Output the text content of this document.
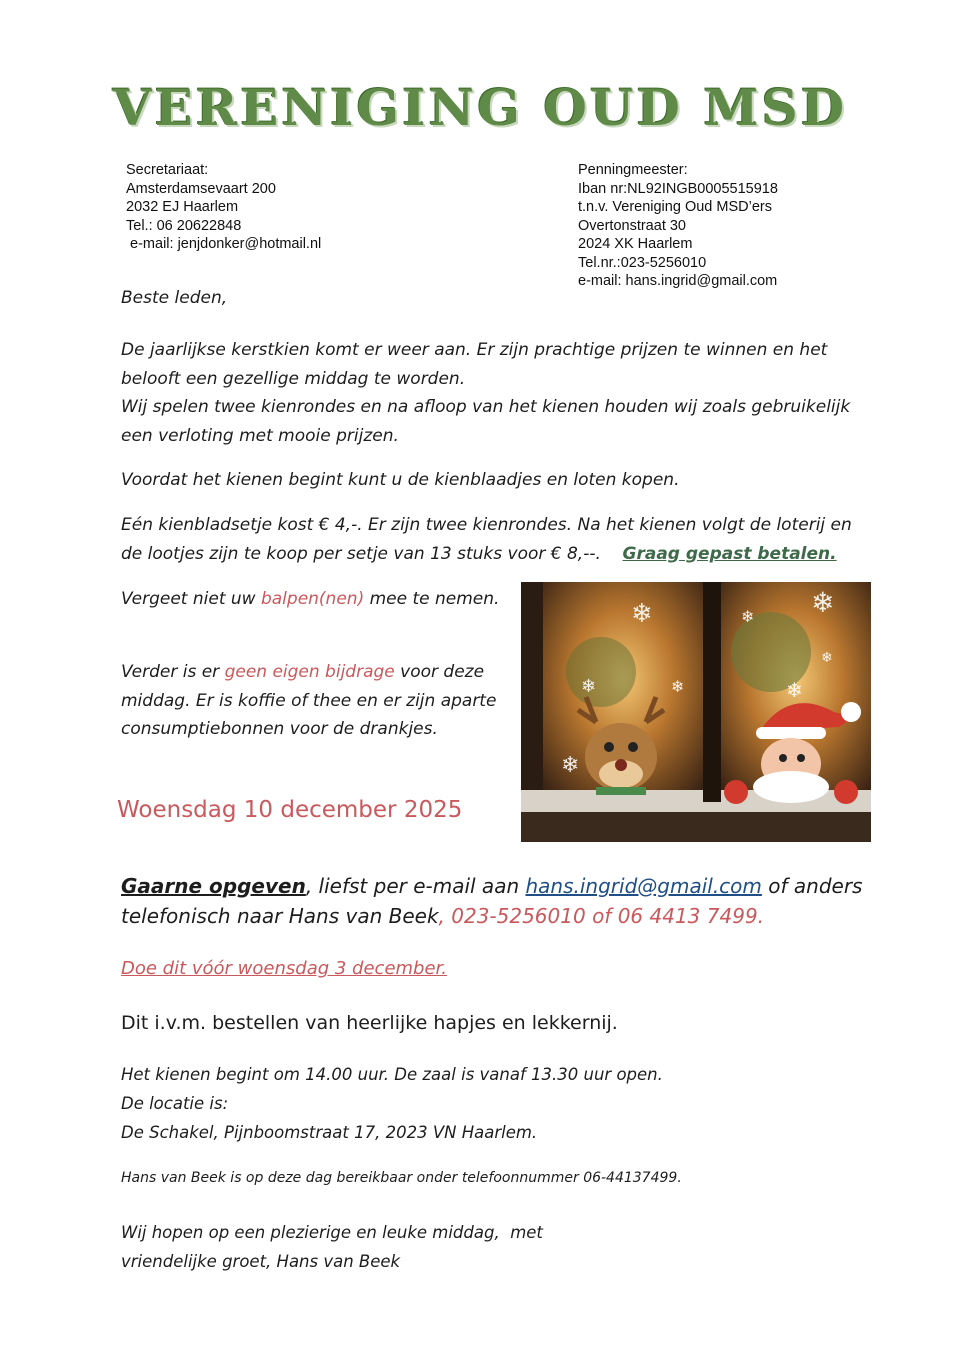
VERENIGING OUD MSD
Secretariaat:
Amsterdamsevaart 200
2032 EJ Haarlem
Tel.: 06 20622848
e-mail: jenjdonker@hotmail.nl
Penningmeester:
Iban nr:NL92INGB0005515918
t.n.v. Vereniging Oud MSD’ers
Overtonstraat 30
2024 XK Haarlem
Tel.nr.:023-5256010
e-mail: hans.ingrid@gmail.com
Beste leden,

De jaarlijkse kerstkien komt er weer aan. Er zijn prachtige prijzen te winnen en het belooft een gezellige middag te worden.

Wij spelen twee kienrondes en na afloop van het kienen houden wij zoals gebruikelijk een verloting met mooie prijzen.

Voordat het kienen begint kunt u de kienblaadjes en loten kopen.
Eén kienbladsetje kost € 4,-. Er zijn twee kienrondes. Na het kienen volgt de loterij en de lootjes zijn te koop per setje van 13 stuks voor € 8,--. Graag gepast betalen.
Vergeet niet uw balpen(nen) mee te nemen.
Verder is er geen eigen bijdrage voor deze middag. Er is koffie of thee en er zijn aparte consumptiebonnen voor de drankjes.
Woensdag 10 december 2025
❄	❄
❄
❄	❄	❄
❄
❄
Gaarne opgeven, liefst per e-mail aan hans.ingrid@gmail.com of anders telefonisch naar Hans van Beek, 023-5256010 of 06 4413 7499.
Doe dit vóór woensdag 3 december.
Dit i.v.m. bestellen van heerlijke hapjes en lekkernij.
Het kienen begint om 14.00 uur. De zaal is vanaf 13.30 uur open.
De locatie is:
De Schakel, Pijnboomstraat 17, 2023 VN Haarlem.
Hans van Beek is op deze dag bereikbaar onder telefoonnummer 06-44137499.
Wij hopen op een plezierige en leuke middag,  met
vriendelijke groet, Hans van Beek
